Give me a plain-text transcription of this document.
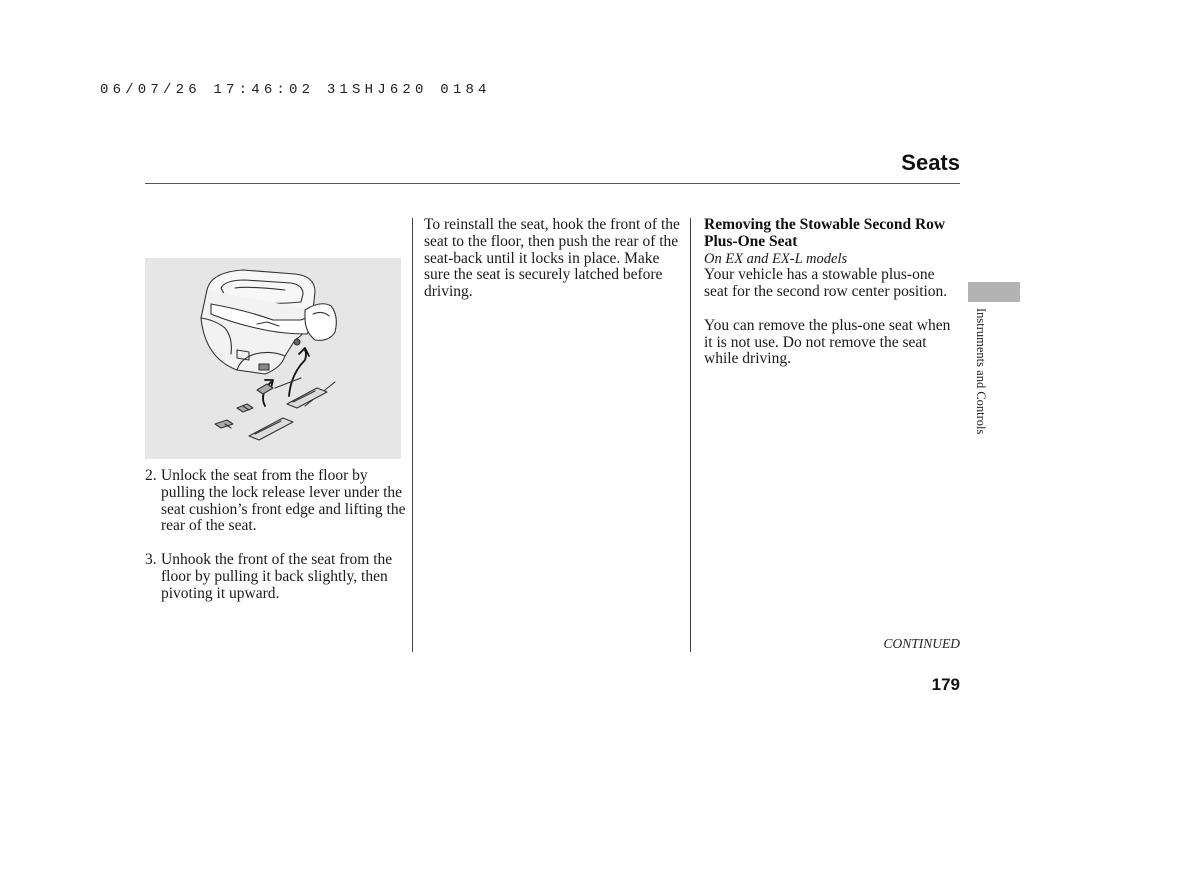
06/07/26 17:46:02 31SHJ620 0184
Seats
2. Unlock the seat from the floor by pulling the lock release lever under the seat cushion’s front edge and lifting the rear of the seat.
3. Unhook the front of the seat from the floor by pulling it back slightly, then pivoting it upward.

To reinstall the seat, hook the front of the seat to the floor, then push the rear of the seat-back until it locks in place. Make sure the seat is securely latched before driving.

Removing the Stowable Second Row Plus-One Seat
On EX and EX-L models

Your vehicle has a stowable plus-one seat for the second row center position.

You can remove the plus-one seat when it is not use. Do not remove the seat while driving.	Instruments and Controls
CONTINUED
179
